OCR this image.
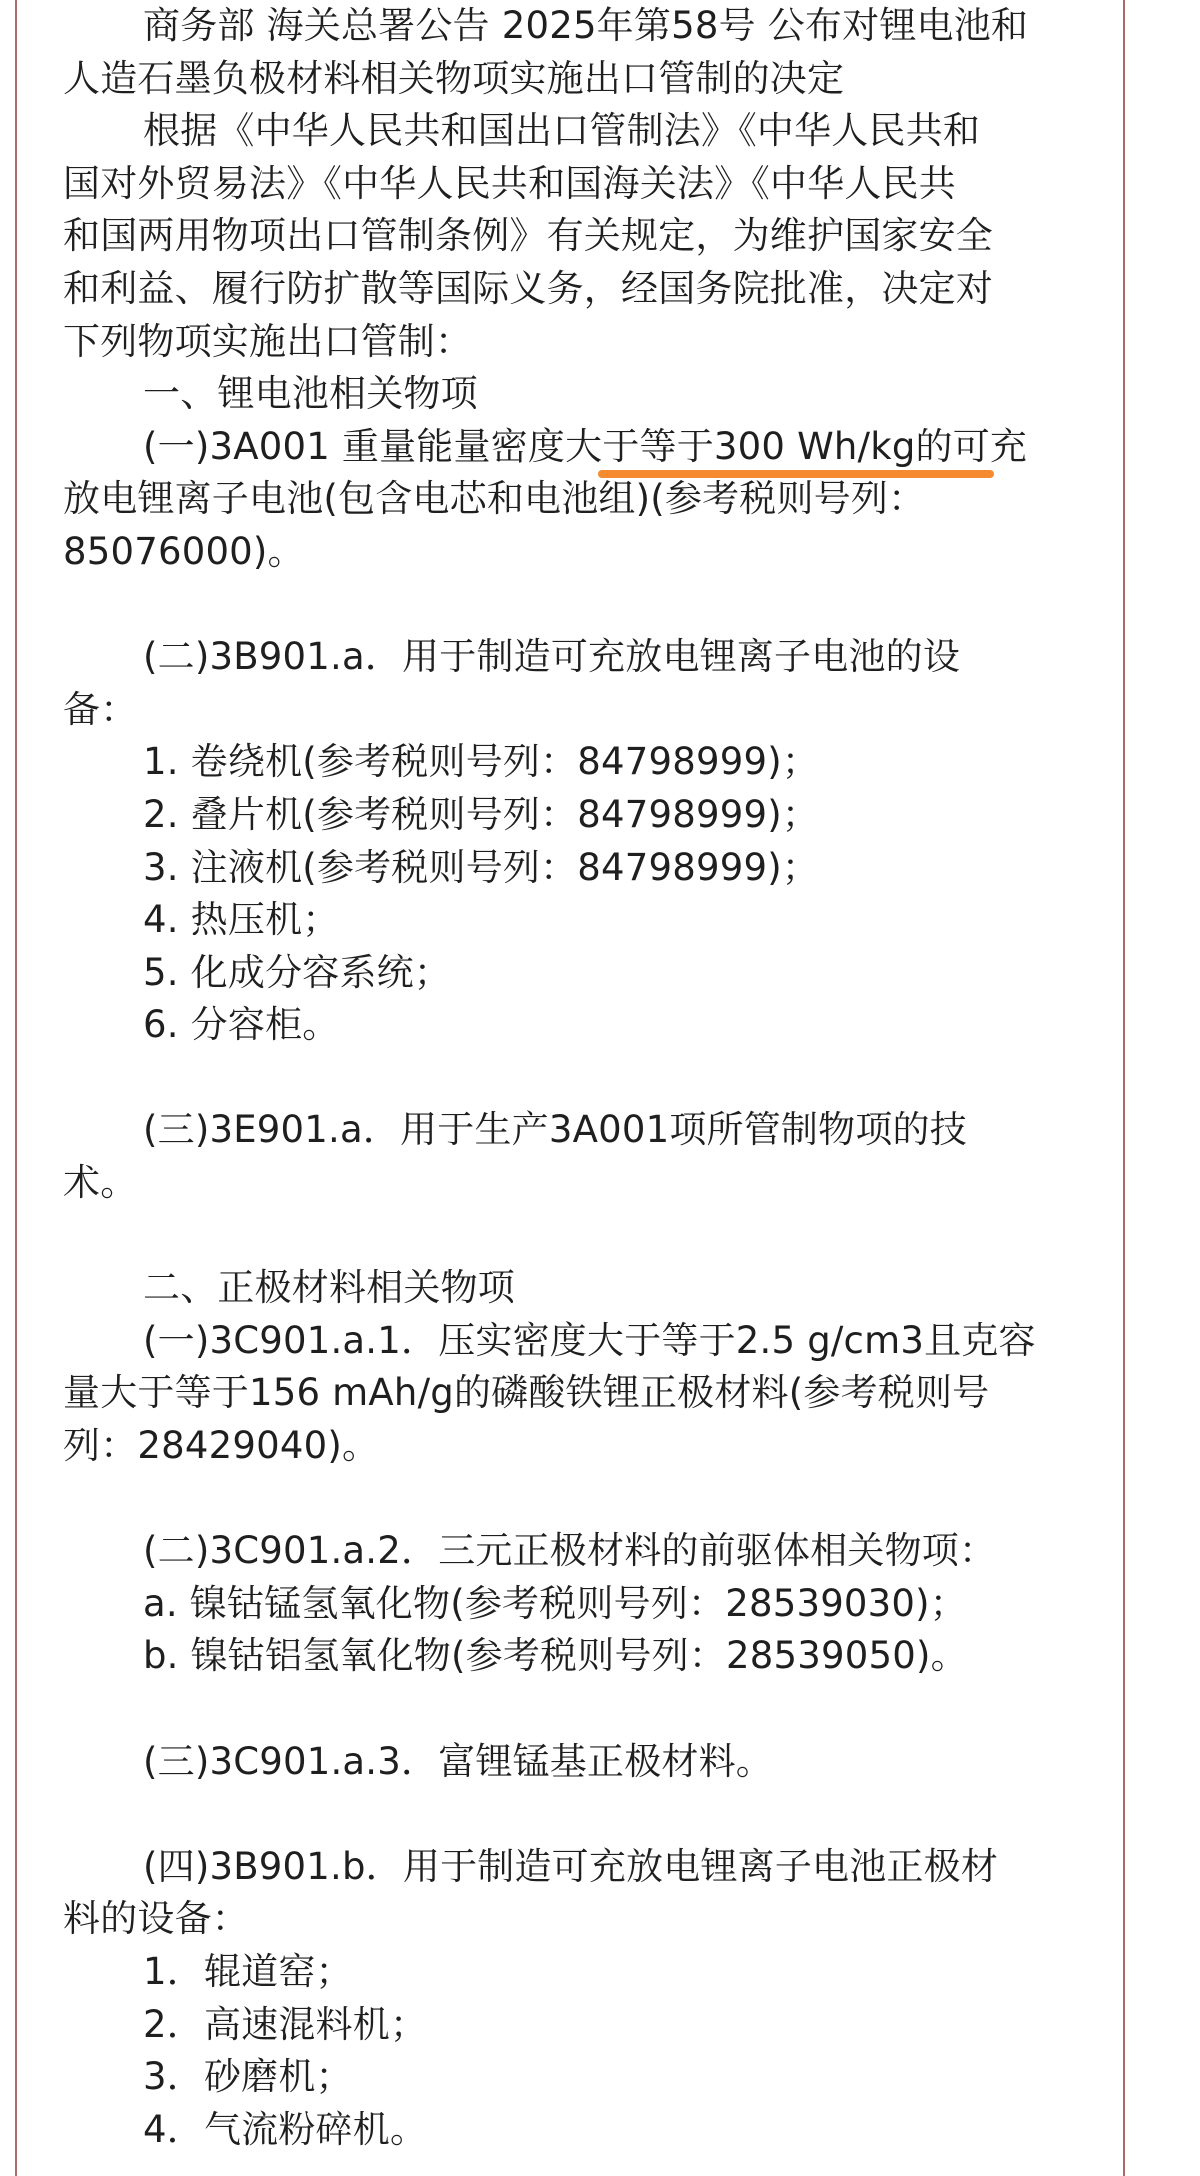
商务部 海关总署公告 2025年第58号 公布对锂电池和
人造石墨负极材料相关物项实施出口管制的决定
根据《中华人民共和国出口管制法》《中华人民共和
国对外贸易法》《中华人民共和国海关法》《中华人民共
和国两用物项出口管制条例》有关规定，为维护国家安全
和利益、履行防扩散等国际义务，经国务院批准，决定对
下列物项实施出口管制：
一、锂电池相关物项
(一)3A001 重量能量密度大于等于300 Wh/kg的可充
放电锂离子电池(包含电芯和电池组)(参考税则号列：
85076000)。
(二)3B901.a．用于制造可充放电锂离子电池的设
备：
1. 卷绕机(参考税则号列：84798999)；
2. 叠片机(参考税则号列：84798999)；
3. 注液机(参考税则号列：84798999)；
4. 热压机；
5. 化成分容系统；
6. 分容柜。
(三)3E901.a．用于生产3A001项所管制物项的技
术。
二、正极材料相关物项
(一)3C901.a.1．压实密度大于等于2.5 g/cm3且克容
量大于等于156 mAh/g的磷酸铁锂正极材料(参考税则号
列：28429040)。
(二)3C901.a.2．三元正极材料的前驱体相关物项：
a. 镍钴锰氢氧化物(参考税则号列：28539030)；
b. 镍钴铝氢氧化物(参考税则号列：28539050)。
(三)3C901.a.3．富锂锰基正极材料。
(四)3B901.b．用于制造可充放电锂离子电池正极材
料的设备：
1．辊道窑；
2．高速混料机；
3．砂磨机；
4．气流粉碎机。
